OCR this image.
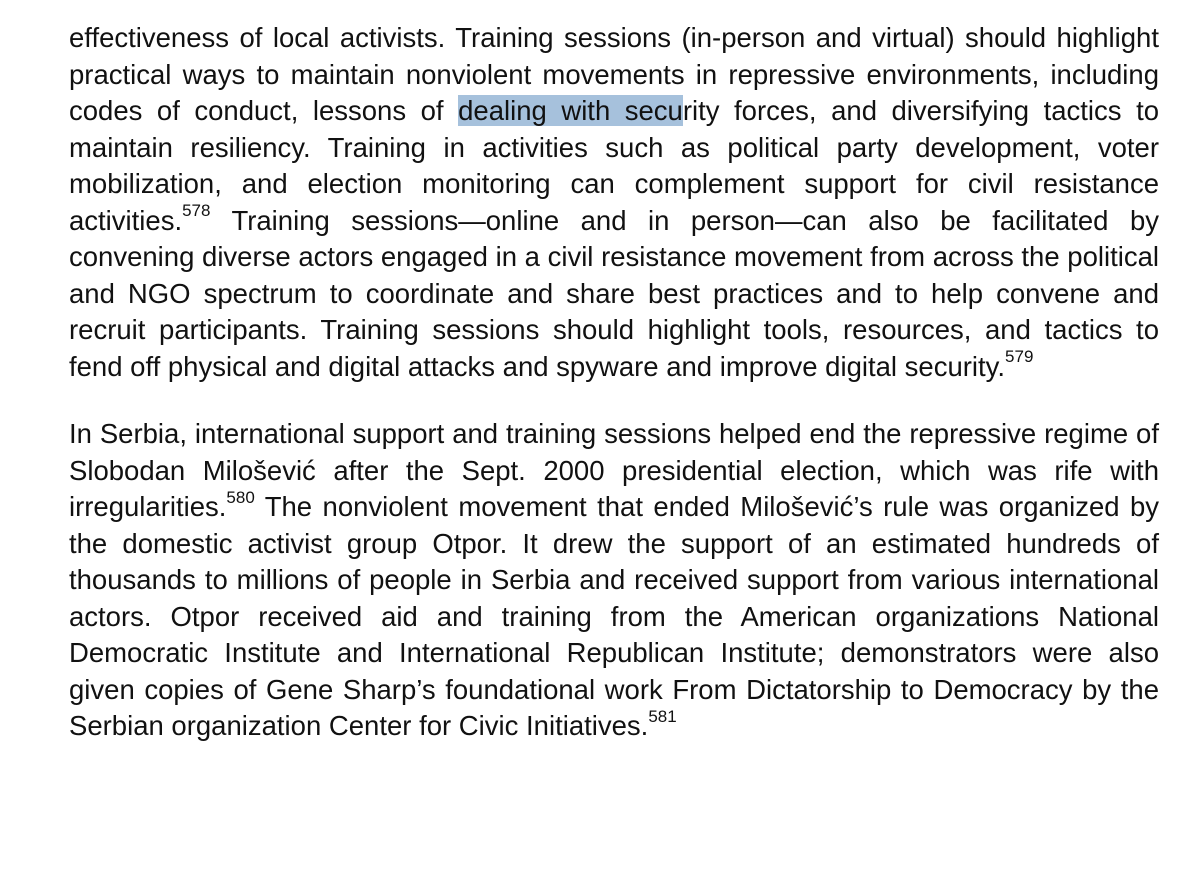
effectiveness of local activists. Training sessions (in-person and virtual) should highlight practical ways to maintain nonviolent movements in repressive environments, including codes of conduct, lessons of dealing with security forces, and diversifying tactics to maintain resiliency. Training in activities such as political party development, voter mobilization, and election monitoring can complement support for civil resistance activities.$^{578}$ Training sessions—online and in person—can also be facilitated by convening diverse actors engaged in a civil resistance movement from across the political and NGO spectrum to coordinate and share best practices and to help convene and recruit participants. Training sessions should highlight tools, resources, and tactics to fend off physical and digital attacks and spyware and improve digital security.$^{579}$

In Serbia, international support and training sessions helped end the repressive regime of Slobodan Milošević after the Sept. 2000 presidential election, which was rife with irregularities.$^{580}$ The nonviolent movement that ended Milošević’s rule was organized by the domestic activist group Otpor. It drew the support of an estimated hundreds of thousands to millions of people in Serbia and received support from various international actors. Otpor received aid and training from the American organizations National Democratic Institute and International Republican Institute; demonstrators were also given copies of Gene Sharp’s foundational work From Dictatorship to Democracy by the Serbian organization Center for Civic Initiatives.$^{581}$
